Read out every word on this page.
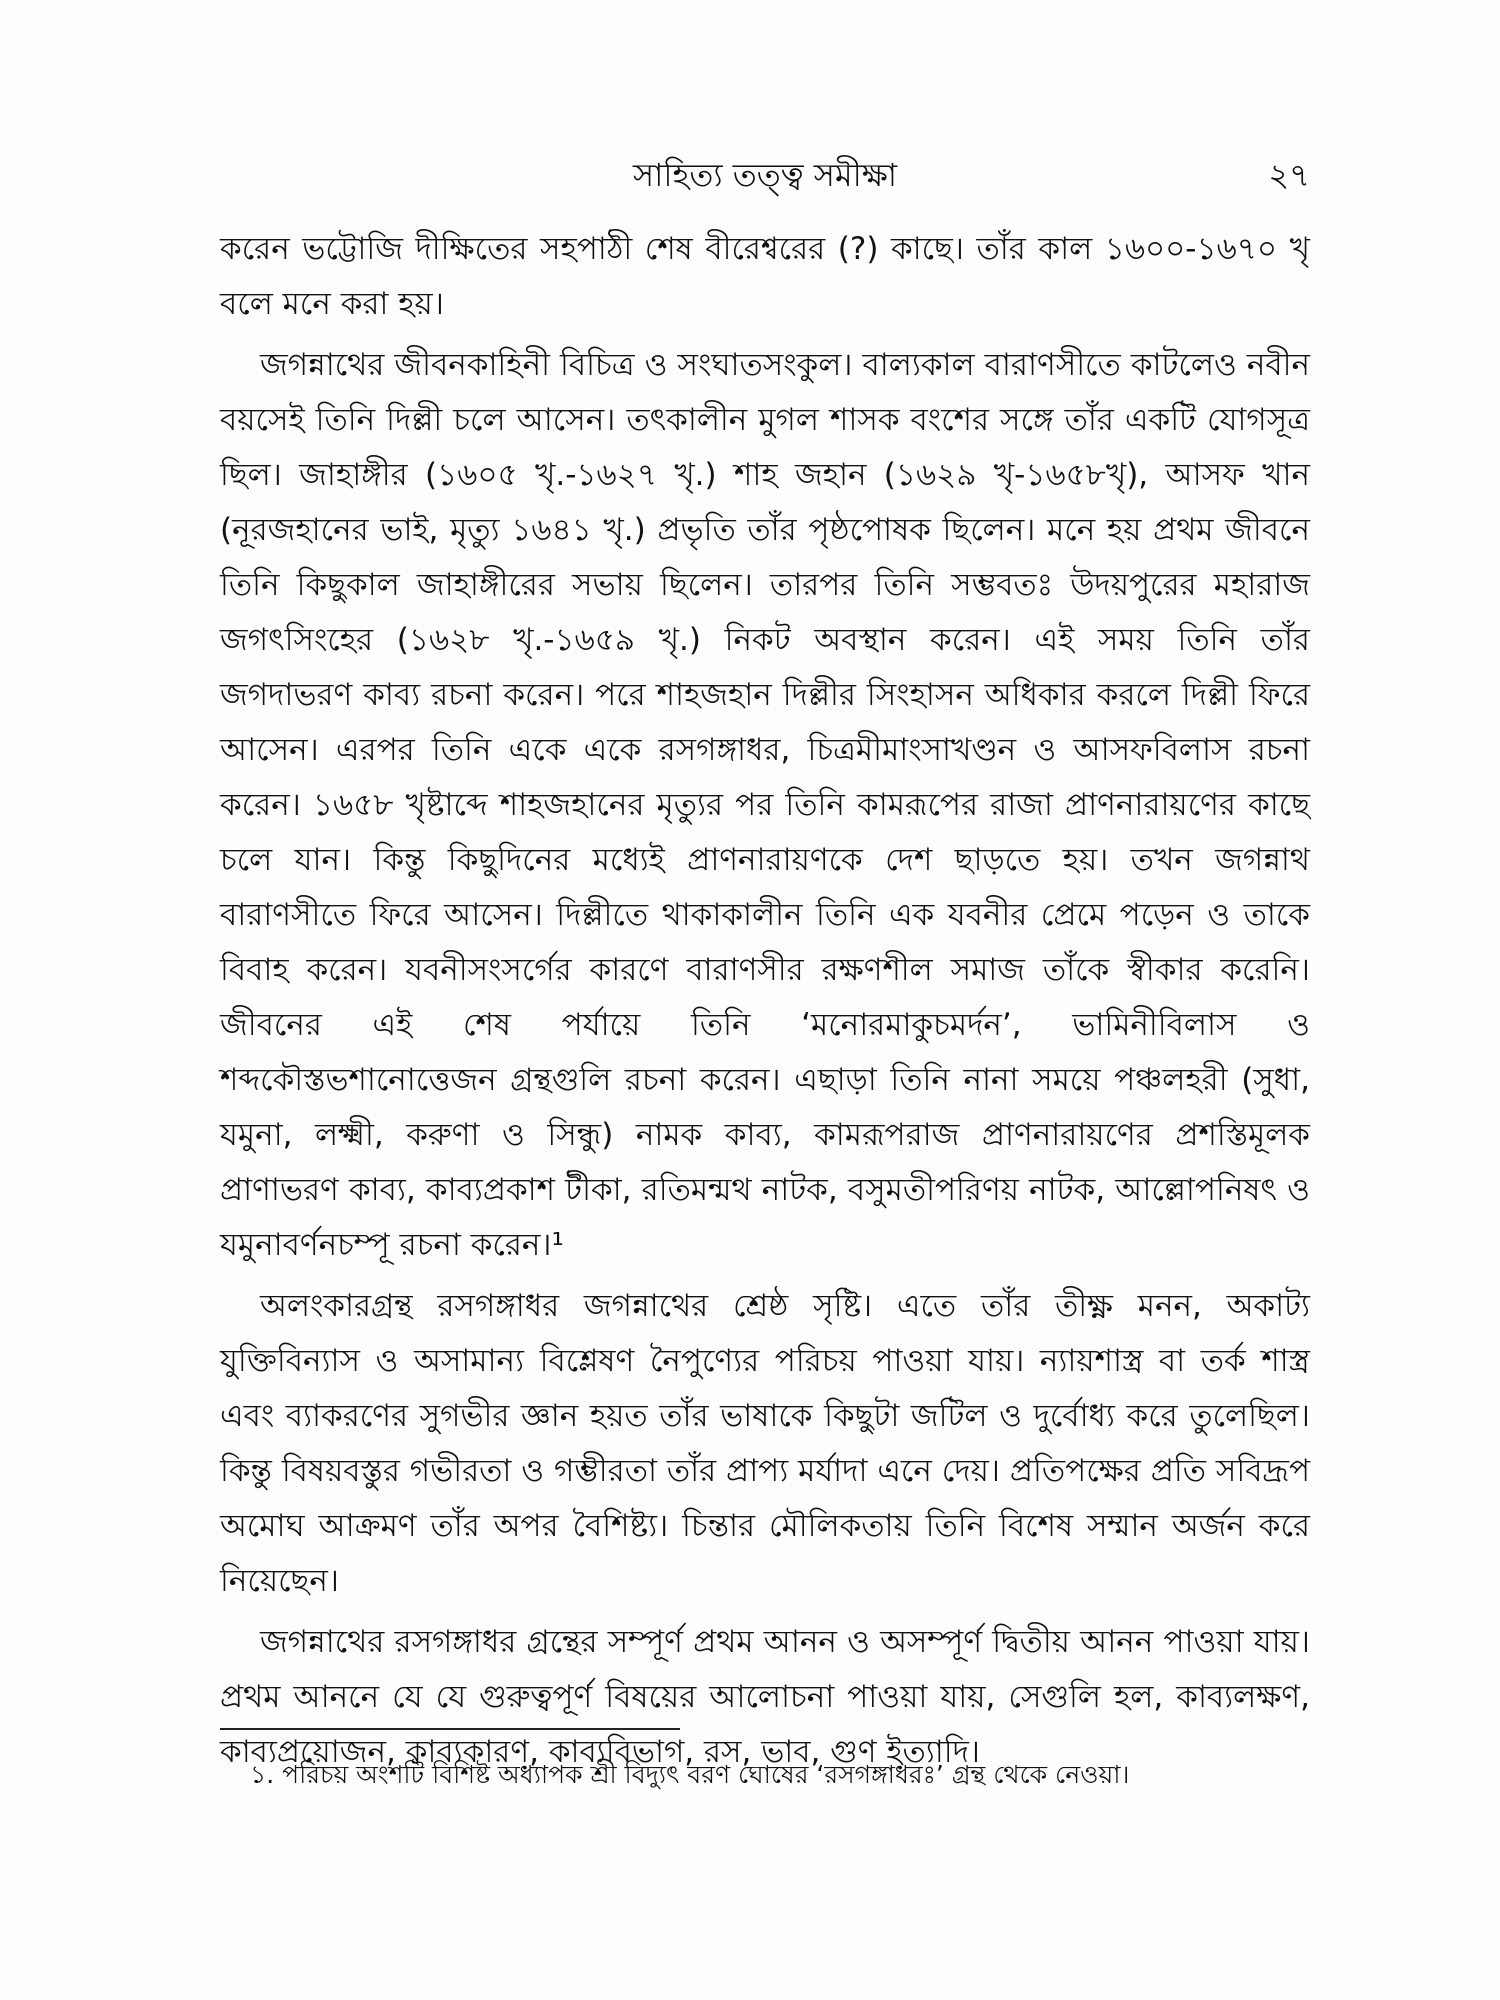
সাহিত্য তত্ত্ব সমীক্ষা	২৭

করেন ভট্টোজি দীক্ষিতের সহপাঠী শেষ বীরেশ্বরের (?) কাছে। তাঁর কাল ১৬০০-১৬৭০ খৃ বলে মনে করা হয়।

জগন্নাথের জীবনকাহিনী বিচিত্র ও সংঘাতসংকুল। বাল্যকাল বারাণসীতে কাটলেও নবীন বয়সেই তিনি দিল্লী চলে আসেন। তৎকালীন মুগল শাসক বংশের সঙ্গে তাঁর একটি যোগসূত্র ছিল। জাহাঙ্গীর (১৬০৫ খৃ.-১৬২৭ খৃ.) শাহ জহান (১৬২৯ খৃ-১৬৫৮খৃ), আসফ খান (নূরজহানের ভাই, মৃত্যু ১৬৪১ খৃ.) প্রভৃতি তাঁর পৃষ্ঠপোষক ছিলেন। মনে হয় প্রথম জীবনে তিনি কিছুকাল জাহাঙ্গীরের সভায় ছিলেন। তারপর তিনি সম্ভবতঃ উদয়পুরের মহারাজ জগৎসিংহের (১৬২৮ খৃ.-১৬৫৯ খৃ.) নিকট অবস্থান করেন। এই সময় তিনি তাঁর জগদাভরণ কাব্য রচনা করেন। পরে শাহজহান দিল্লীর সিংহাসন অধিকার করলে দিল্লী ফিরে আসেন। এরপর তিনি একে একে রসগঙ্গাধর, চিত্রমীমাংসাখণ্ডন ও আসফবিলাস রচনা করেন। ১৬৫৮ খৃষ্টাব্দে শাহজহানের মৃত্যুর পর তিনি কামরূপের রাজা প্রাণনারায়ণের কাছে চলে যান। কিন্তু কিছুদিনের মধ্যেই প্রাণনারায়ণকে দেশ ছাড়তে হয়। তখন জগন্নাথ বারাণসীতে ফিরে আসেন। দিল্লীতে থাকাকালীন তিনি এক যবনীর প্রেমে পড়েন ও তাকে বিবাহ করেন। যবনীসংসর্গের কারণে বারাণসীর রক্ষণশীল সমাজ তাঁকে স্বীকার করেনি। জীবনের এই শেষ পর্যায়ে তিনি ‘মনোরমাকুচমর্দন’, ভামিনীবিলাস ও শব্দকৌস্তভশানোত্তেজন গ্রন্থগুলি রচনা করেন। এছাড়া তিনি নানা সময়ে পঞ্চলহরী (সুধা, যমুনা, লক্ষ্মী, করুণা ও সিন্ধু) নামক কাব্য, কামরূপরাজ প্রাণনারায়ণের প্রশস্তিমূলক প্রাণাভরণ কাব্য, কাব্যপ্রকাশ টীকা, রতিমন্মথ নাটক, বসুমতীপরিণয় নাটক, আল্লোপনিষৎ ও যমুনাবর্ণনচম্পূ রচনা করেন।¹

অলংকারগ্রন্থ রসগঙ্গাধর জগন্নাথের শ্রেষ্ঠ সৃষ্টি। এতে তাঁর তীক্ষ্ণ মনন, অকাট্য যুক্তিবিন্যাস ও অসামান্য বিশ্লেষণ নৈপুণ্যের পরিচয় পাওয়া যায়। ন্যায়শাস্ত্র বা তর্ক শাস্ত্র এবং ব্যাকরণের সুগভীর জ্ঞান হয়ত তাঁর ভাষাকে কিছুটা জটিল ও দুর্বোধ্য করে তুলেছিল। কিন্তু বিষয়বস্তুর গভীরতা ও গম্ভীরতা তাঁর প্রাপ্য মর্যাদা এনে দেয়। প্রতিপক্ষের প্রতি সবিদ্রূপ অমোঘ আক্রমণ তাঁর অপর বৈশিষ্ট্য। চিন্তার মৌলিকতায় তিনি বিশেষ সম্মান অর্জন করে নিয়েছেন।

জগন্নাথের রসগঙ্গাধর গ্রন্থের সম্পূর্ণ প্রথম আনন ও অসম্পূর্ণ দ্বিতীয় আনন পাওয়া যায়। প্রথম আননে যে যে গুরুত্বপূর্ণ বিষয়ের আলোচনা পাওয়া যায়, সেগুলি হল, কাব্যলক্ষণ, কাব্যপ্রয়োজন, কাব্যকারণ, কাব্যবিভাগ, রস, ভাব, গুণ ইত্যাদি।

১. পরিচয় অংশটি বিশিষ্ট অধ্যাপক শ্রী বিদ্যুৎ বরণ ঘোষের ‘রসগঙ্গাধরঃ’ গ্রন্থ থেকে নেওয়া।
